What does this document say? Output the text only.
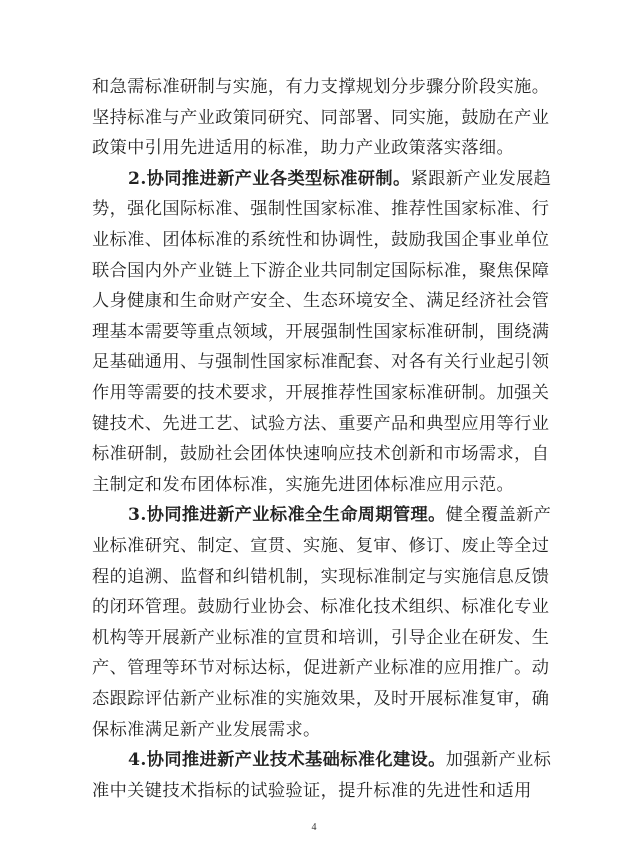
和急需标准研制与实施，有力支撑规划分步骤分阶段实施。
坚持标准与产业政策同研究、同部署、同实施，鼓励在产业
政策中引用先进适用的标准，助力产业政策落实落细。
2.协同推进新产业各类型标准研制。紧跟新产业发展趋
势，强化国际标准、强制性国家标准、推荐性国家标准、行
业标准、团体标准的系统性和协调性，鼓励我国企事业单位
联合国内外产业链上下游企业共同制定国际标准，聚焦保障
人身健康和生命财产安全、生态环境安全、满足经济社会管
理基本需要等重点领域，开展强制性国家标准研制，围绕满
足基础通用、与强制性国家标准配套、对各有关行业起引领
作用等需要的技术要求，开展推荐性国家标准研制。加强关
键技术、先进工艺、试验方法、重要产品和典型应用等行业
标准研制，鼓励社会团体快速响应技术创新和市场需求，自
主制定和发布团体标准，实施先进团体标准应用示范。
3.协同推进新产业标准全生命周期管理。健全覆盖新产
业标准研究、制定、宣贯、实施、复审、修订、废止等全过
程的追溯、监督和纠错机制，实现标准制定与实施信息反馈
的闭环管理。鼓励行业协会、标准化技术组织、标准化专业
机构等开展新产业标准的宣贯和培训，引导企业在研发、生
产、管理等环节对标达标，促进新产业标准的应用推广。动
态跟踪评估新产业标准的实施效果，及时开展标准复审，确
保标准满足新产业发展需求。
4.协同推进新产业技术基础标准化建设。加强新产业标
准中关键技术指标的试验验证，提升标准的先进性和适用
4
